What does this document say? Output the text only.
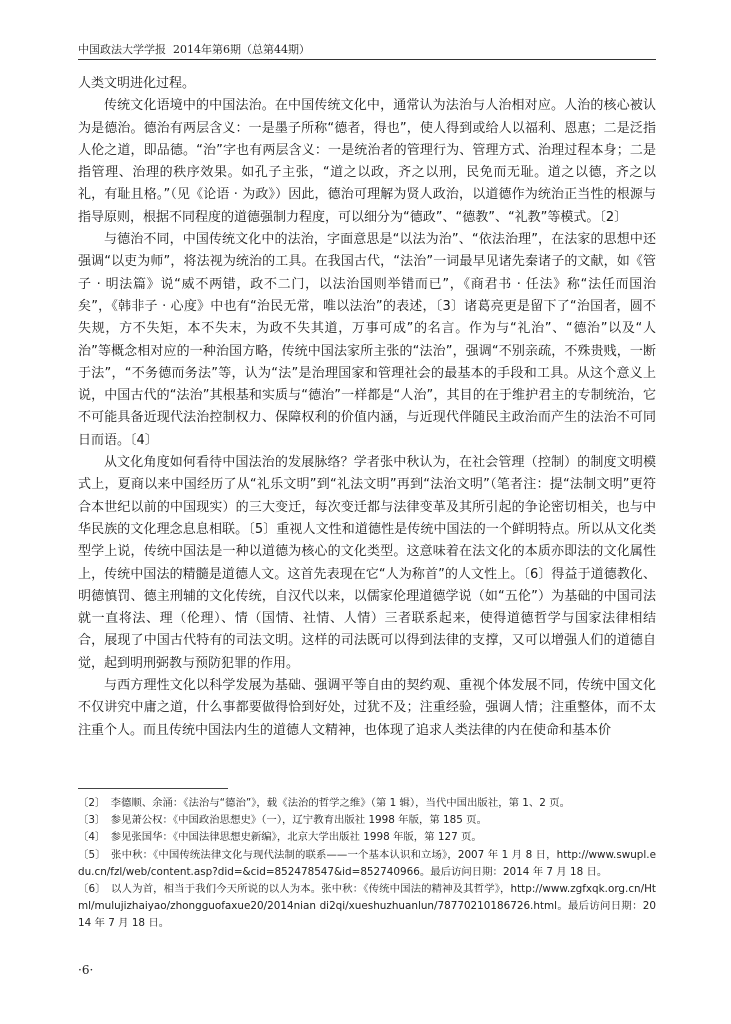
中国政法大学学报 2014年第6期（总第44期）

人类文明进化过程。

传统文化语境中的中国法治。在中国传统文化中，通常认为法治与人治相对应。人治的核心被认为是德治。德治有两层含义：一是墨子所称“德者，得也”，使人得到或给人以福利、恩惠；二是泛指人伦之道，即品德。“治”字也有两层含义：一是统治者的管理行为、管理方式、治理过程本身；二是指管理、治理的秩序效果。如孔子主张，“道之以政，齐之以刑，民免而无耻。道之以德，齐之以礼，有耻且格。”（见《论语 · 为政》）因此，德治可理解为贤人政治，以道德作为统治正当性的根源与指导原则，根据不同程度的道德强制力程度，可以细分为“德政”、“德教”、“礼教”等模式。〔2〕

与德治不同，中国传统文化中的法治，字面意思是“以法为治”、“依法治理”，在法家的思想中还强调“以吏为师”，将法视为统治的工具。在我国古代，“法治”一词最早见诸先秦诸子的文献，如《管子 · 明法篇》说“威不两错，政不二门，以法治国则举错而已”，《商君书 · 任法》称“法任而国治矣”，《韩非子 · 心度》中也有“治民无常，唯以法治”的表述，〔3〕诸葛亮更是留下了“治国者，圆不失规，方不失矩，本不失末，为政不失其道，万事可成”的名言。作为与“礼治”、“德治”以及“人治”等概念相对应的一种治国方略，传统中国法家所主张的“法治”，强调“不别亲疏，不殊贵贱，一断于法”，“不务德而务法”等，认为“法”是治理国家和管理社会的最基本的手段和工具。从这个意义上说，中国古代的“法治”其根基和实质与“德治”一样都是“人治”，其目的在于维护君主的专制统治，它不可能具备近现代法治控制权力、保障权利的价值内涵，与近现代伴随民主政治而产生的法治不可同日而语。〔4〕

从文化角度如何看待中国法治的发展脉络？学者张中秋认为，在社会管理（控制）的制度文明模式上，夏商以来中国经历了从“礼乐文明”到“礼法文明”再到“法治文明”（笔者注：提“法制文明”更符合本世纪以前的中国现实）的三大变迁，每次变迁都与法律变革及其所引起的争论密切相关，也与中华民族的文化理念息息相联。〔5〕重视人文性和道德性是传统中国法的一个鲜明特点。所以从文化类型学上说，传统中国法是一种以道德为核心的文化类型。这意味着在法文化的本质亦即法的文化属性上，传统中国法的精髓是道德人文。这首先表现在它“人为称首”的人文性上。〔6〕得益于道德教化、明德慎罚、德主刑辅的文化传统，自汉代以来，以儒家伦理道德学说（如“五伦”）为基础的中国司法就一直将法、理（伦理）、情（国情、社情、人情）三者联系起来，使得道德哲学与国家法律相结合，展现了中国古代特有的司法文明。这样的司法既可以得到法律的支撑，又可以增强人们的道德自觉，起到明刑弼教与预防犯罪的作用。

与西方理性文化以科学发展为基础、强调平等自由的契约观、重视个体发展不同，传统中国文化不仅讲究中庸之道，什么事都要做得恰到好处，过犹不及；注重经验，强调人情；注重整体，而不太注重个人。而且传统中国法内生的道德人文精神，也体现了追求人类法律的内在使命和基本价

〔2〕　李德顺、余涌：《法治与“德治”》，载《法治的哲学之维》（第 1 辑），当代中国出版社，第 1、2 页。

〔3〕　参见萧公权：《中国政治思想史》（一），辽宁教育出版社 1998 年版，第 185 页。

〔4〕　参见张国华：《中国法律思想史新编》，北京大学出版社 1998 年版，第 127 页。

〔5〕　张中秋：《中国传统法律文化与现代法制的联系——一个基本认识和立场》，2007 年 1 月 8 日，http://www.swupl.edu.cn/fzl/web/content.asp?did=&cid=852478547&id=852740966。最后访问日期：2014 年 7 月 18 日。

〔6〕　以人为首，相当于我们今天所说的以人为本。张中秋：《传统中国法的精神及其哲学》，http://www.zgfxqk.org.cn/Html/mulujizhaiyao/zhongguofaxue20/2014nian di2qi/xueshuzhuanlun/78770210186726.html。最后访问日期：2014 年 7 月 18 日。

·6·
